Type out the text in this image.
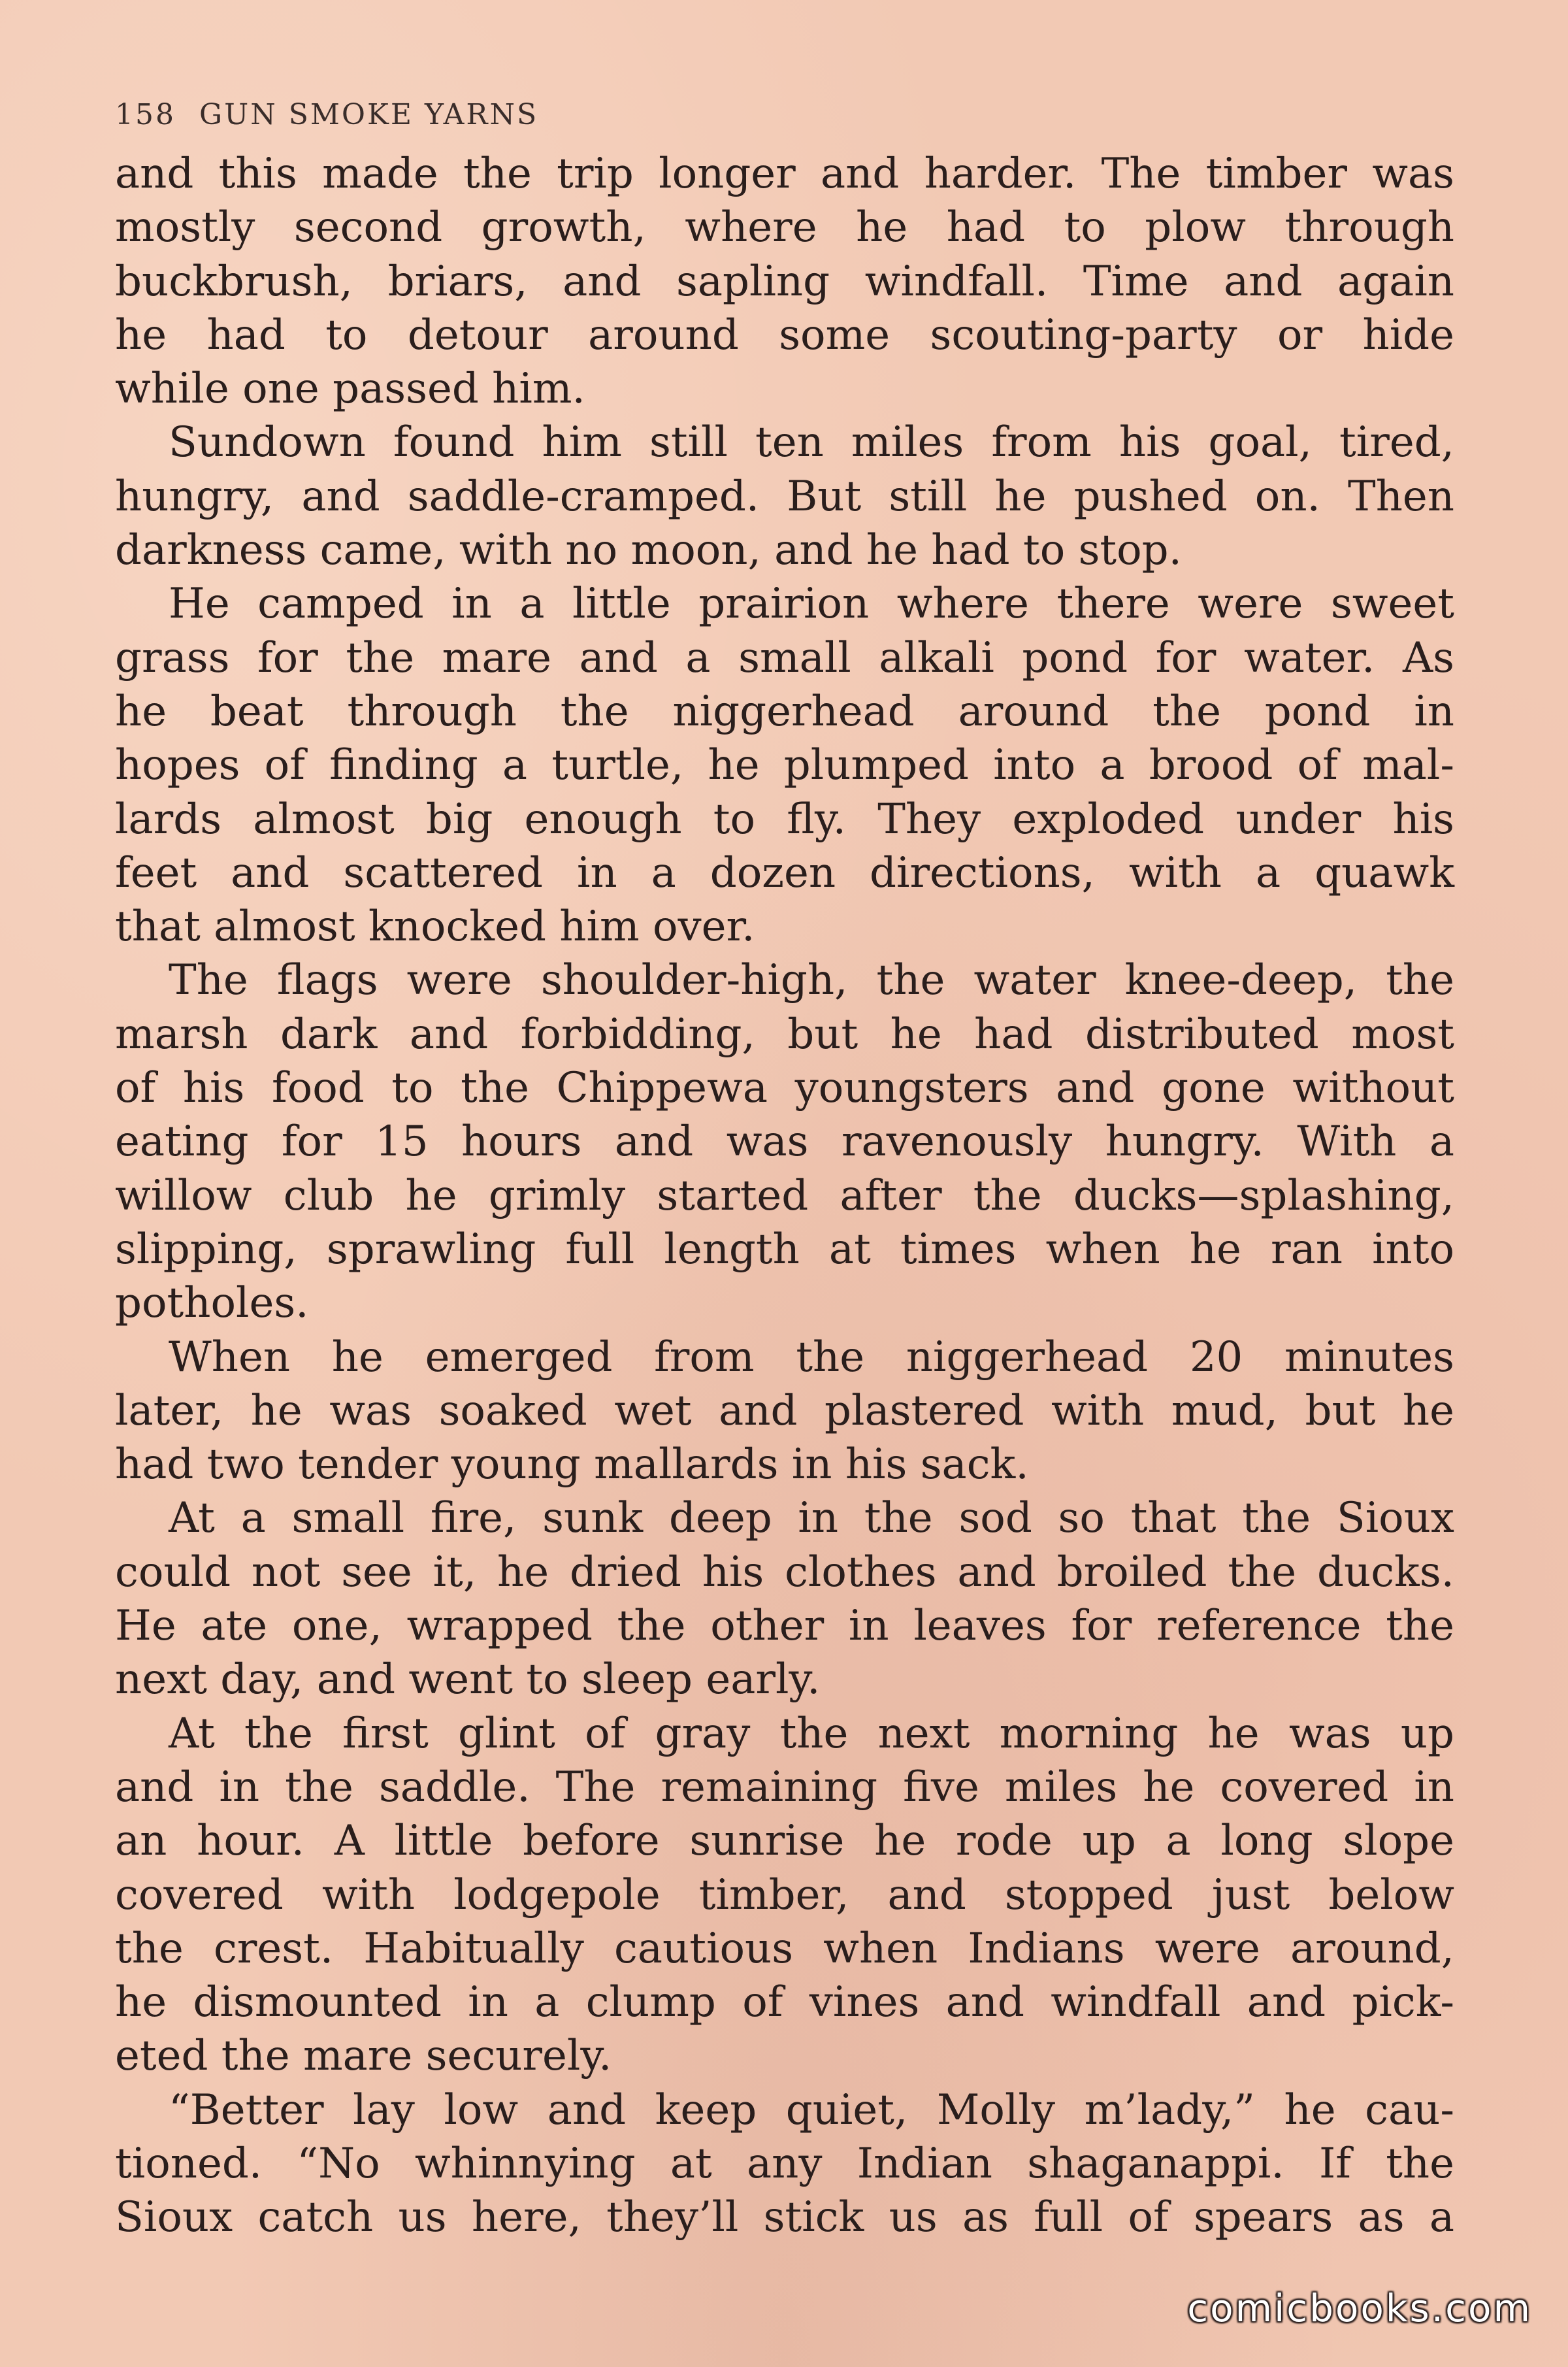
158 GUN SMOKE YARNS
and this made the trip longer and harder. The timber was
mostly second growth, where he had to plow through
buckbrush, briars, and sapling windfall. Time and again
he had to detour around some scouting-party or hide
while one passed him.
Sundown found him still ten miles from his goal, tired,
hungry, and saddle-cramped. But still he pushed on. Then
darkness came, with no moon, and he had to stop.
He camped in a little prairion where there were sweet
grass for the mare and a small alkali pond for water. As
he beat through the niggerhead around the pond in
hopes of finding a turtle, he plumped into a brood of mal-
lards almost big enough to fly. They exploded under his
feet and scattered in a dozen directions, with a quawk
that almost knocked him over.
The flags were shoulder-high, the water knee-deep, the
marsh dark and forbidding, but he had distributed most
of his food to the Chippewa youngsters and gone without
eating for 15 hours and was ravenously hungry. With a
willow club he grimly started after the ducks—splashing,
slipping, sprawling full length at times when he ran into
potholes.
When he emerged from the niggerhead 20 minutes
later, he was soaked wet and plastered with mud, but he
had two tender young mallards in his sack.
At a small fire, sunk deep in the sod so that the Sioux
could not see it, he dried his clothes and broiled the ducks.
He ate one, wrapped the other in leaves for reference the
next day, and went to sleep early.
At the first glint of gray the next morning he was up
and in the saddle. The remaining five miles he covered in
an hour. A little before sunrise he rode up a long slope
covered with lodgepole timber, and stopped just below
the crest. Habitually cautious when Indians were around,
he dismounted in a clump of vines and windfall and pick-
eted the mare securely.
“Better lay low and keep quiet, Molly m’lady,” he cau-
tioned. “No whinnying at any Indian shaganappi. If the
Sioux catch us here, they’ll stick us as full of spears as a
comicbooks.com
